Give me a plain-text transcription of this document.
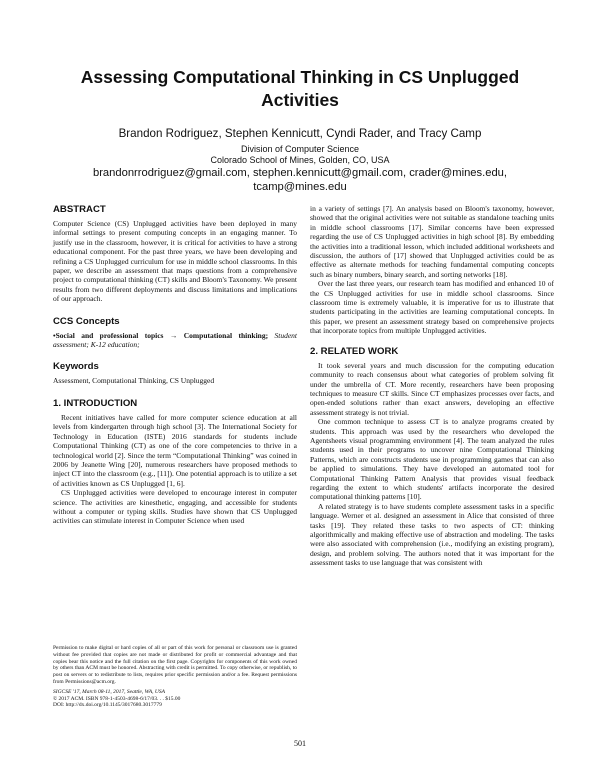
Assessing Computational Thinking in CS Unplugged
Activities
Brandon Rodriguez, Stephen Kennicutt, Cyndi Rader, and Tracy Camp
Division of Computer Science
Colorado School of Mines, Golden, CO, USA
brandonrrodriguez@gmail.com, stephen.kennicutt@gmail.com, crader@mines.edu,
tcamp@mines.edu
ABSTRACT

Computer Science (CS) Unplugged activities have been deployed in many informal settings to present computing concepts in an engaging manner. To justify use in the classroom, however, it is critical for activities to have a strong educational component. For the past three years, we have been developing and refining a CS Unplugged curriculum for use in middle school classrooms. In this paper, we describe an assessment that maps questions from a comprehensive project to computational thinking (CT) skills and Bloom's Taxonomy. We present results from two different deployments and discuss limitations and implications of our approach.

CCS Concepts

•Social and professional topics → Computational thinking; Student assessment; K-12 education;

Keywords

Assessment, Computational Thinking, CS Unplugged

1. INTRODUCTION

Recent initiatives have called for more computer science education at all levels from kindergarten through high school [3]. The International Society for Technology in Education (ISTE) 2016 standards for students include Computational Thinking (CT) as one of the core competencies to thrive in a technological world [2]. Since the term “Computational Thinking” was coined in 2006 by Jeanette Wing [20], numerous researchers have proposed methods to inject CT into the classroom (e.g., [11]). One potential approach is to utilize a set of activities known as CS Unplugged [1, 6].

CS Unplugged activities were developed to encourage interest in computer science. The activities are kinesthetic, engaging, and accessible for students without a computer or typing skills. Studies have shown that CS Unplugged activities can stimulate interest in Computer Science when used

Permission to make digital or hard copies of all or part of this work for personal or classroom use is granted without fee provided that copies are not made or distributed for profit or commercial advantage and that copies bear this notice and the full citation on the first page. Copyrights for components of this work owned by others than ACM must be honored. Abstracting with credit is permitted. To copy otherwise, or republish, to post on servers or to redistribute to lists, requires prior specific permission and/or a fee. Request permissions from Permissions@acm.org.

SIGCSE '17, March 08-11, 2017, Seattle, WA, USA

© 2017 ACM. ISBN 978-1-4503-4698-6/17/03. . . $15.00

DOI: http://dx.doi.org/10.1145/3017680.3017779

in a variety of settings [7]. An analysis based on Bloom's taxonomy, however, showed that the original activities were not suitable as standalone teaching units in middle school classrooms [17]. Similar concerns have been expressed regarding the use of CS Unplugged activities in high school [8]. By embedding the activities into a traditional lesson, which included additional worksheets and discussion, the authors of [17] showed that Unplugged activities could be as effective as alternate methods for teaching fundamental computing concepts such as binary numbers, binary search, and sorting networks [18].

Over the last three years, our research team has modified and enhanced 10 of the CS Unplugged activities for use in middle school classrooms. Since classroom time is extremely valuable, it is imperative for us to illustrate that students participating in the activities are learning computational concepts. In this paper, we present an assessment strategy based on comprehensive projects that incorporate topics from multiple Unplugged activities.

2. RELATED WORK

It took several years and much discussion for the computing education community to reach consensus about what categories of problem solving fit under the umbrella of CT. More recently, researchers have been proposing techniques to measure CT skills. Since CT emphasizes processes over facts, and open-ended solutions rather than exact answers, developing an effective assessment strategy is not trivial.

One common technique to assess CT is to analyze programs created by students. This approach was used by the researchers who developed the Agentsheets visual programming environment [4]. The team analyzed the rules students used in their programs to uncover nine Computational Thinking Patterns, which are constructs students use in programming games that can also be applied to simulations. They have developed an automated tool for Computational Thinking Pattern Analysis that provides visual feedback regarding the extent to which students' artifacts incorporate the desired computational thinking patterns [10].

A related strategy is to have students complete assessment tasks in a specific language. Werner et al. designed an assessment in Alice that consisted of three tasks [19]. They related these tasks to two aspects of CT: thinking algorithmically and making effective use of abstraction and modeling. The tasks were also associated with comprehension (i.e., modifying an existing program), design, and problem solving. The authors noted that it was important for the assessment tasks to use language that was consistent with

501
